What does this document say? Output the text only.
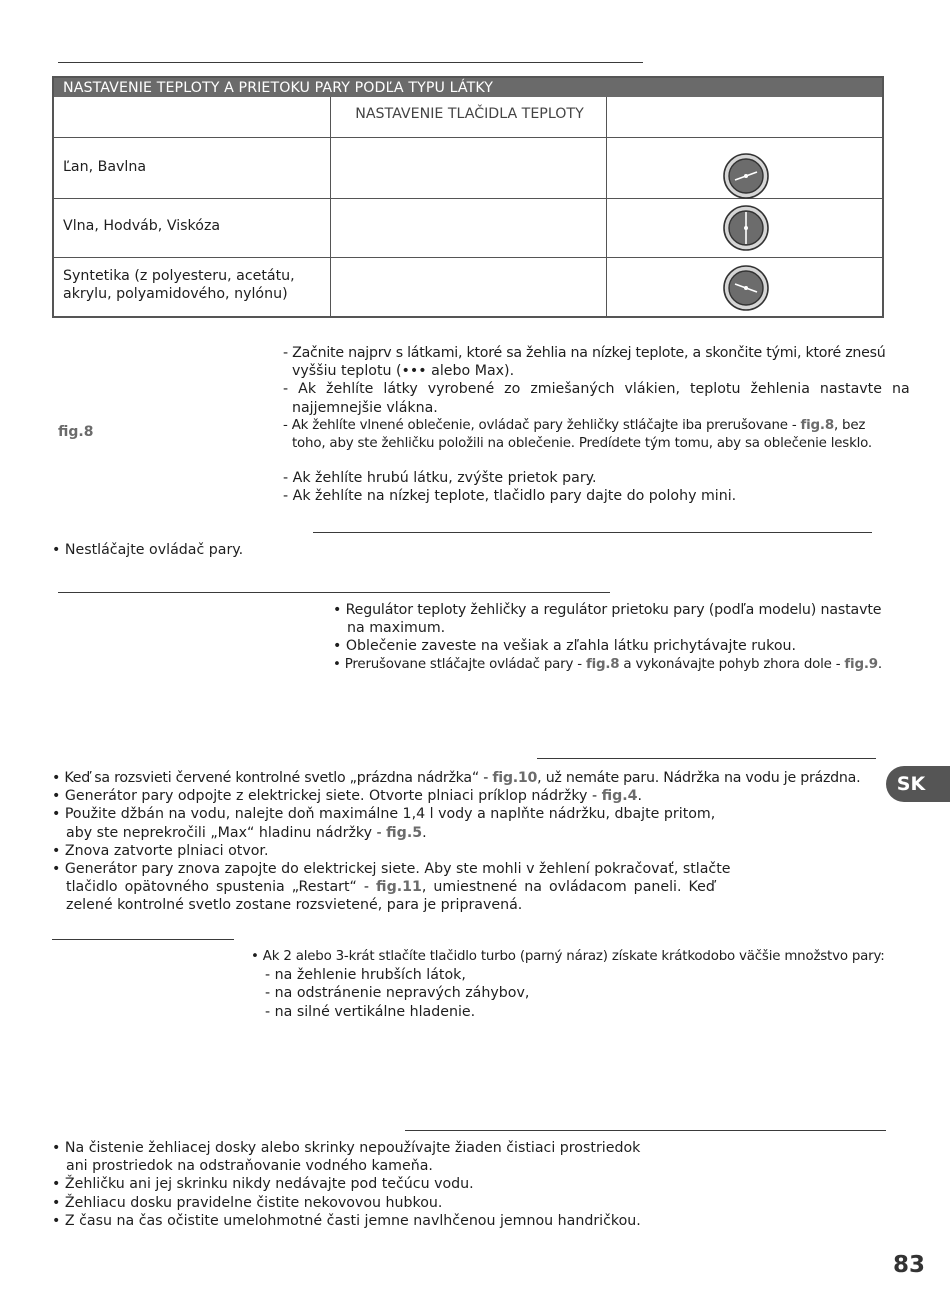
NASTAVENIE TEPLOTY A PRIETOKU PARY PODĽA TYPU LÁTKY
NASTAVENIE TLAČIDLA TEPLOTY
Ľan, Bavlna
Vlna, Hodváb, Viskóza
Syntetika (z polyesteru, acetátu,
akrylu, polyamidového, nylónu)
fig.8
- Začnite najprv s látkami, ktoré sa žehlia na nízkej teplote, a skončite tými, ktoré znesú
vyššiu teplotu (••• alebo Max).
- Ak žehlíte látky vyrobené zo zmiešaných vlákien, teplotu žehlenia nastavte na
najjemnejšie vlákna.
- Ak žehlíte vlnené oblečenie, ovládač pary žehličky stláčajte iba prerušovane - fig.8, bez
toho, aby ste žehličku položili na oblečenie. Predídete tým tomu, aby sa oblečenie lesklo.
- Ak žehlíte hrubú látku, zvýšte prietok pary.
- Ak žehlíte na nízkej teplote, tlačidlo pary dajte do polohy mini.
• Nestláčajte ovládač pary.
• Regulátor teploty žehličky a regulátor prietoku pary (podľa modelu) nastavte
na maximum.
• Oblečenie zaveste na vešiak a zľahla látku prichytávajte rukou.
• Prerušovane stláčajte ovládač pary - fig.8 a vykonávajte pohyb zhora dole - fig.9.
• Keď sa rozsvieti červené kontrolné svetlo „prázdna nádržka“ - fig.10, už nemáte paru. Nádržka na vodu je prázdna.
• Generátor pary odpojte z elektrickej siete. Otvorte plniaci príklop nádržky - fig.4.
• Použite džbán na vodu, nalejte doň maximálne 1,4 l vody a naplňte nádržku, dbajte pritom,
aby ste neprekročili „Max“ hladinu nádržky - fig.5.
• Znova zatvorte plniaci otvor.
• Generátor pary znova zapojte do elektrickej siete. Aby ste mohli v žehlení pokračovať, stlačte
tlačidlo opätovného spustenia „Restart“ - fig.11, umiestnené na ovládacom paneli. Keď
zelené kontrolné svetlo zostane rozsvietené, para je pripravená.
SK
• Ak 2 alebo 3-krát stlačíte tlačidlo turbo (parný náraz) získate krátkodobo väčšie množstvo pary:
- na žehlenie hrubších látok,
- na odstránenie nepravých záhybov,
- na silné vertikálne hladenie.
• Na čistenie žehliacej dosky alebo skrinky nepoužívajte žiaden čistiaci prostriedok
ani prostriedok na odstraňovanie vodného kameňa.
• Žehličku ani jej skrinku nikdy nedávajte pod tečúcu vodu.
• Žehliacu dosku pravidelne čistite nekovovou hubkou.
• Z času na čas očistite umelohmotné časti jemne navlhčenou jemnou handričkou.
83
